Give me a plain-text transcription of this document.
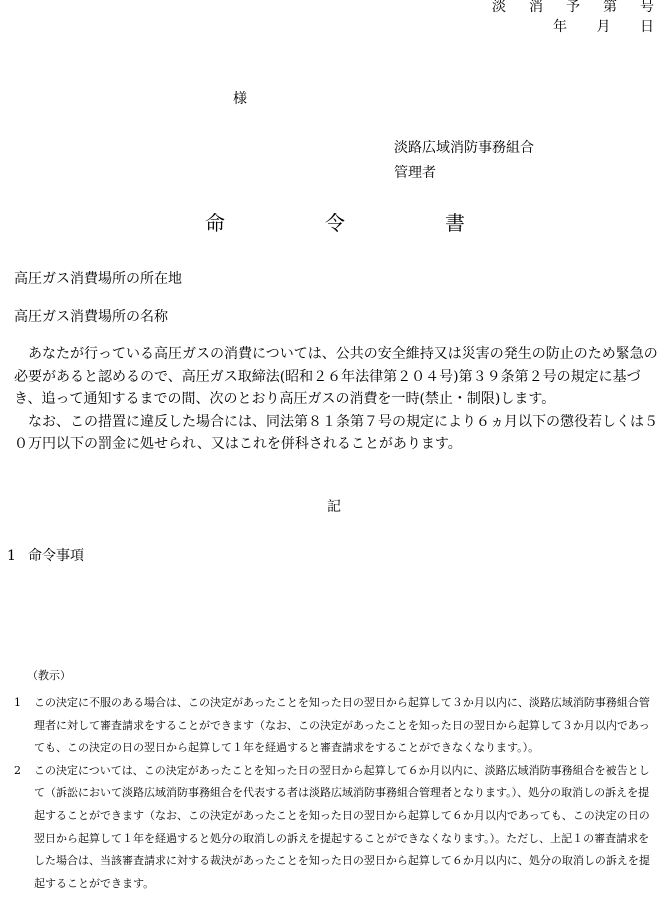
淡 消 予 第 号
年 月 日
様
淡路広域消防事務組合
管理者
命	令	書
高圧ガス消費場所の所在地
高圧ガス消費場所の名称
あなたが行っている高圧ガスの消費については、公共の安全維持又は災害の発生の防止のため緊急の必要があると認めるので、高圧ガス取締法(昭和２６年法律第２０４号)第３９条第２号の規定に基づき、追って通知するまでの間、次のとおり高圧ガスの消費を一時(禁止・制限)します。
なお、この措置に違反した場合には、同法第８１条第７号の規定により６ヵ月以下の懲役若しくは５０万円以下の罰金に処せられ、又はこれを併科されることがあります。
記
1 命令事項
（教示）
1	この決定に不服のある場合は、この決定があったことを知った日の翌日から起算して３か月以内に、淡路広域消防事務組合管理者に対して審査請求をすることができます（なお、この決定があったことを知った日の翌日から起算して３か月以内であっても、この決定の日の翌日から起算して１年を経過すると審査請求をすることができなくなります。）。
2	この決定については、この決定があったことを知った日の翌日から起算して６か月以内に、淡路広域消防事務組合を被告として（訴訟において淡路広域消防事務組合を代表する者は淡路広域消防事務組合管理者となります。）、処分の取消しの訴えを提起することができます（なお、この決定があったことを知った日の翌日から起算して６か月以内であっても、この決定の日の翌日から起算して１年を経過すると処分の取消しの訴えを提起することができなくなります。）。ただし、上記１の審査請求をした場合は、当該審査請求に対する裁決があったことを知った日の翌日から起算して６か月以内に、処分の取消しの訴えを提起することができます。
